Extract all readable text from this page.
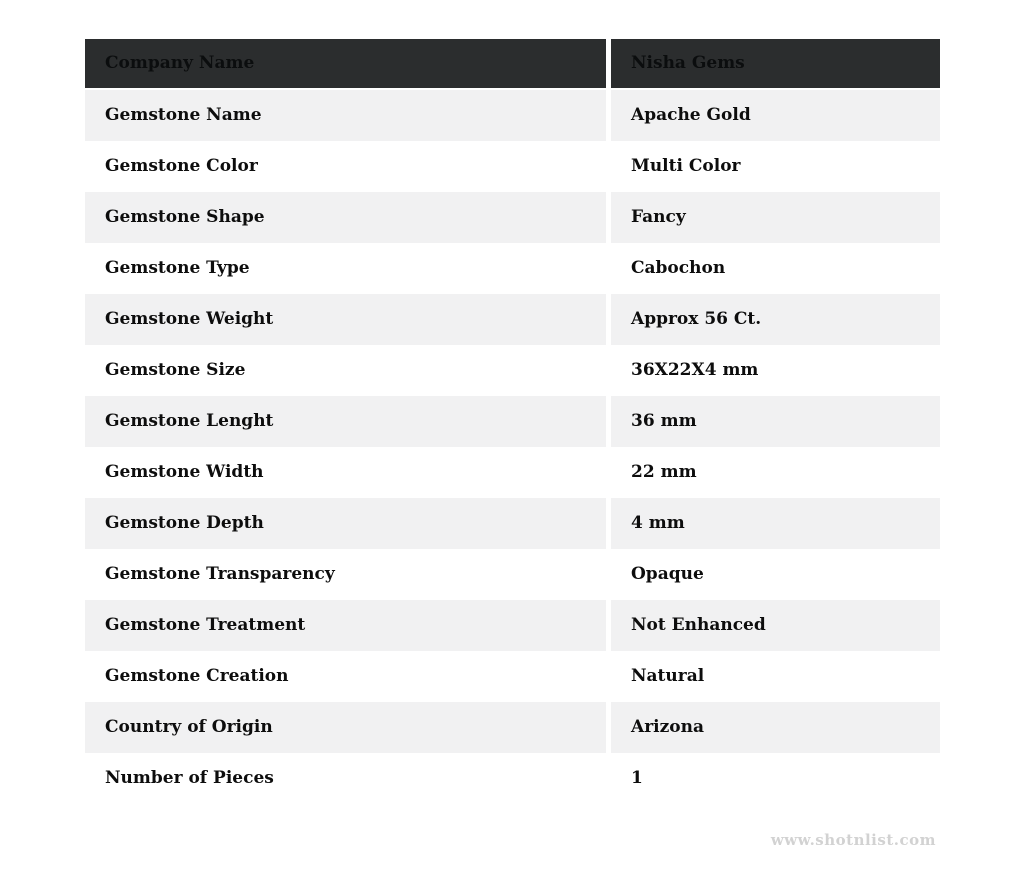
Company Name	Nisha Gems
Gemstone Name	Apache Gold
Gemstone Color	Multi Color
Gemstone Shape	Fancy
Gemstone Type	Cabochon
Gemstone Weight	Approx 56 Ct.
Gemstone Size	36X22X4 mm
Gemstone Lenght	36 mm
Gemstone Width	22 mm
Gemstone Depth	4 mm
Gemstone Transparency	Opaque
Gemstone Treatment	Not Enhanced
Gemstone Creation	Natural
Country of Origin	Arizona
Number of Pieces	1
www.shotnlist.com
